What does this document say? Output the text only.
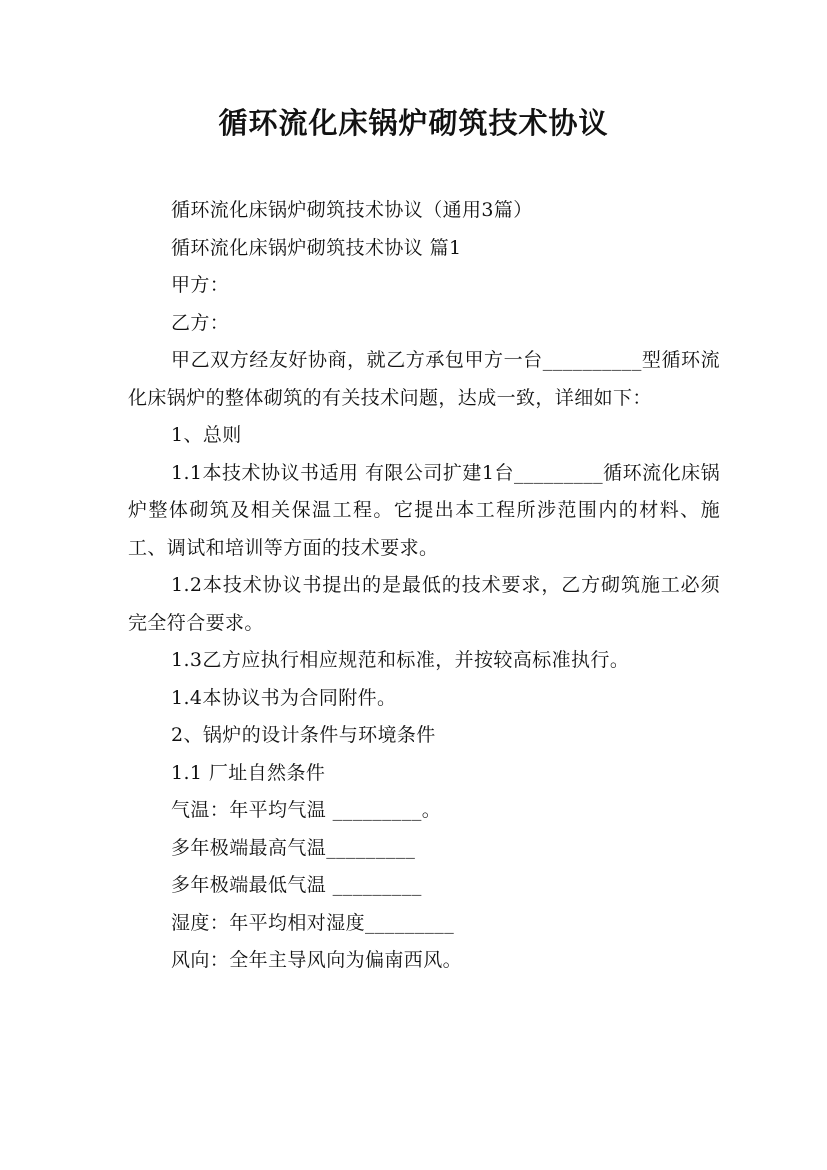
循环流化床锅炉砌筑技术协议

循环流化床锅炉砌筑技术协议（通用3篇）

循环流化床锅炉砌筑技术协议 篇1

甲方：

乙方：

甲乙双方经友好协商，就乙方承包甲方一台__________型循环流化床锅炉的整体砌筑的有关技术问题，达成一致，详细如下：

1、总则

1.1本技术协议书适用 有限公司扩建1台_________循环流化床锅炉整体砌筑及相关保温工程。它提出本工程所涉范围内的材料、施工、调试和培训等方面的技术要求。

1.2本技术协议书提出的是最低的技术要求，乙方砌筑施工必须完全符合要求。

1.3乙方应执行相应规范和标准，并按较高标准执行。

1.4本协议书为合同附件。

2、锅炉的设计条件与环境条件

1.1 厂址自然条件

气温：年平均气温 _________。

多年极端最高气温_________

多年极端最低气温 _________

湿度：年平均相对湿度_________

风向：全年主导风向为偏南西风。
